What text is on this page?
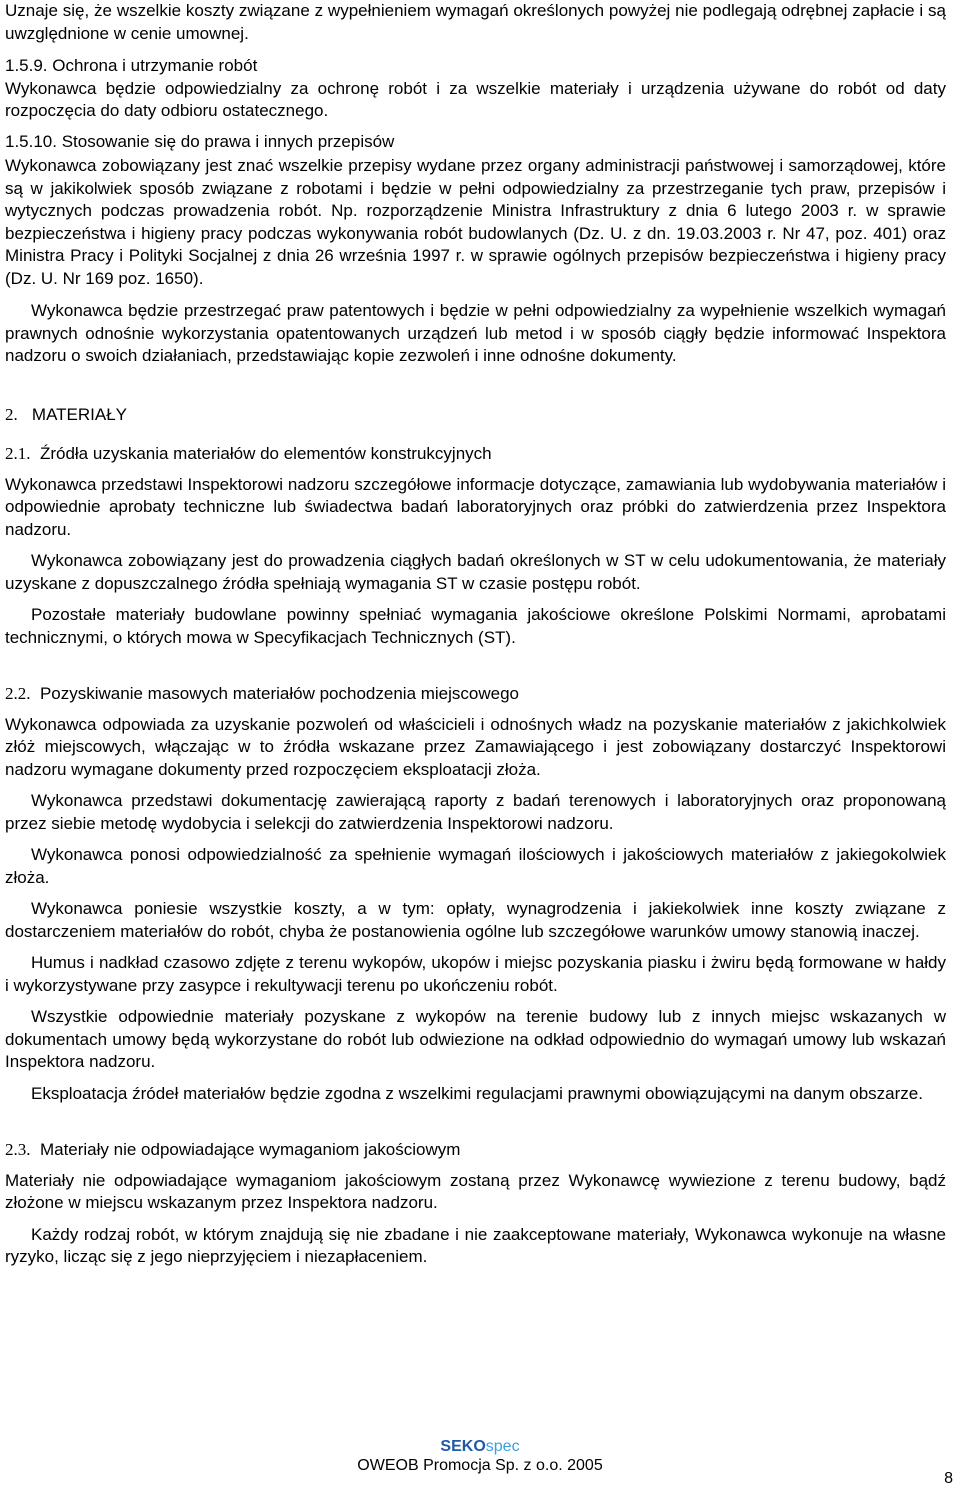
Uznaje się, że wszelkie koszty związane z wypełnieniem wymagań określonych powyżej nie podlegają odrębnej zapłacie i są uwzględnione w cenie umownej.

1.5.9. Ochrona i utrzymanie robót

Wykonawca będzie odpowiedzialny za ochronę robót i za wszelkie materiały i urządzenia używane do robót od daty rozpoczęcia do daty odbioru ostatecznego.

1.5.10. Stosowanie się do prawa i innych przepisów

Wykonawca zobowiązany jest znać wszelkie przepisy wydane przez organy administracji państwowej i samorządowej, które są w jakikolwiek sposób związane z robotami i będzie w pełni odpowiedzialny za przestrzeganie tych praw, przepisów i wytycznych podczas prowadzenia robót. Np. rozporządzenie Ministra Infrastruktury z dnia 6 lutego 2003 r. w sprawie bezpieczeństwa i higieny pracy podczas wykonywania robót budowlanych (Dz. U. z dn. 19.03.2003 r. Nr 47, poz. 401) oraz Ministra Pracy i Polityki Socjalnej z dnia 26 września 1997 r. w sprawie ogólnych przepisów bezpieczeństwa i higieny pracy (Dz. U. Nr 169 poz. 1650).

Wykonawca będzie przestrzegać praw patentowych i będzie w pełni odpowiedzialny za wypełnienie wszelkich wymagań prawnych odnośnie wykorzystania opatentowanych urządzeń lub metod i w sposób ciągły będzie informować Inspektora nadzoru o swoich działaniach, przedstawiając kopie zezwoleń i inne odnośne dokumenty.

2. MATERIAŁY

2.1. Źródła uzyskania materiałów do elementów konstrukcyjnych

Wykonawca przedstawi Inspektorowi nadzoru szczegółowe informacje dotyczące, zamawiania lub wydobywania materiałów i odpowiednie aprobaty techniczne lub świadectwa badań laboratoryjnych oraz próbki do zatwierdzenia przez Inspektora nadzoru.

Wykonawca zobowiązany jest do prowadzenia ciągłych badań określonych w ST w celu udokumentowania, że materiały uzyskane z dopuszczalnego źródła spełniają wymagania ST w czasie postępu robót.

Pozostałe materiały budowlane powinny spełniać wymagania jakościowe określone Polskimi Normami, aprobatami technicznymi, o których mowa w Specyfikacjach Technicznych (ST).

2.2. Pozyskiwanie masowych materiałów pochodzenia miejscowego

Wykonawca odpowiada za uzyskanie pozwoleń od właścicieli i odnośnych władz na pozyskanie materiałów z jakichkolwiek złóż miejscowych, włączając w to źródła wskazane przez Zamawiającego i jest zobowiązany dostarczyć Inspektorowi nadzoru wymagane dokumenty przed rozpoczęciem eksploatacji złoża.

Wykonawca przedstawi dokumentację zawierającą raporty z badań terenowych i laboratoryjnych oraz proponowaną przez siebie metodę wydobycia i selekcji do zatwierdzenia Inspektorowi nadzoru.

Wykonawca ponosi odpowiedzialność za spełnienie wymagań ilościowych i jakościowych materiałów z jakiegokolwiek złoża.

Wykonawca poniesie wszystkie koszty, a w tym: opłaty, wynagrodzenia i jakiekolwiek inne koszty związane z dostarczeniem materiałów do robót, chyba że postanowienia ogólne lub szczegółowe warunków umowy stanowią inaczej.

Humus i nadkład czasowo zdjęte z terenu wykopów, ukopów i miejsc pozyskania piasku i żwiru będą formowane w hałdy i wykorzystywane przy zasypce i rekultywacji terenu po ukończeniu robót.

Wszystkie odpowiednie materiały pozyskane z wykopów na terenie budowy lub z innych miejsc wskazanych w dokumentach umowy będą wykorzystane do robót lub odwiezione na odkład odpowiednio do wymagań umowy lub wskazań Inspektora nadzoru.

Eksploatacja źródeł materiałów będzie zgodna z wszelkimi regulacjami prawnymi obowiązującymi na danym obszarze.

2.3. Materiały nie odpowiadające wymaganiom jakościowym

Materiały nie odpowiadające wymaganiom jakościowym zostaną przez Wykonawcę wywiezione z terenu budowy, bądź złożone w miejscu wskazanym przez Inspektora nadzoru.

Każdy rodzaj robót, w którym znajdują się nie zbadane i nie zaakceptowane materiały, Wykonawca wykonuje na własne ryzyko, licząc się z jego nieprzyjęciem i niezapłaceniem.

SEKOspec
OWEOB Promocja Sp. z o.o. 2005
8
